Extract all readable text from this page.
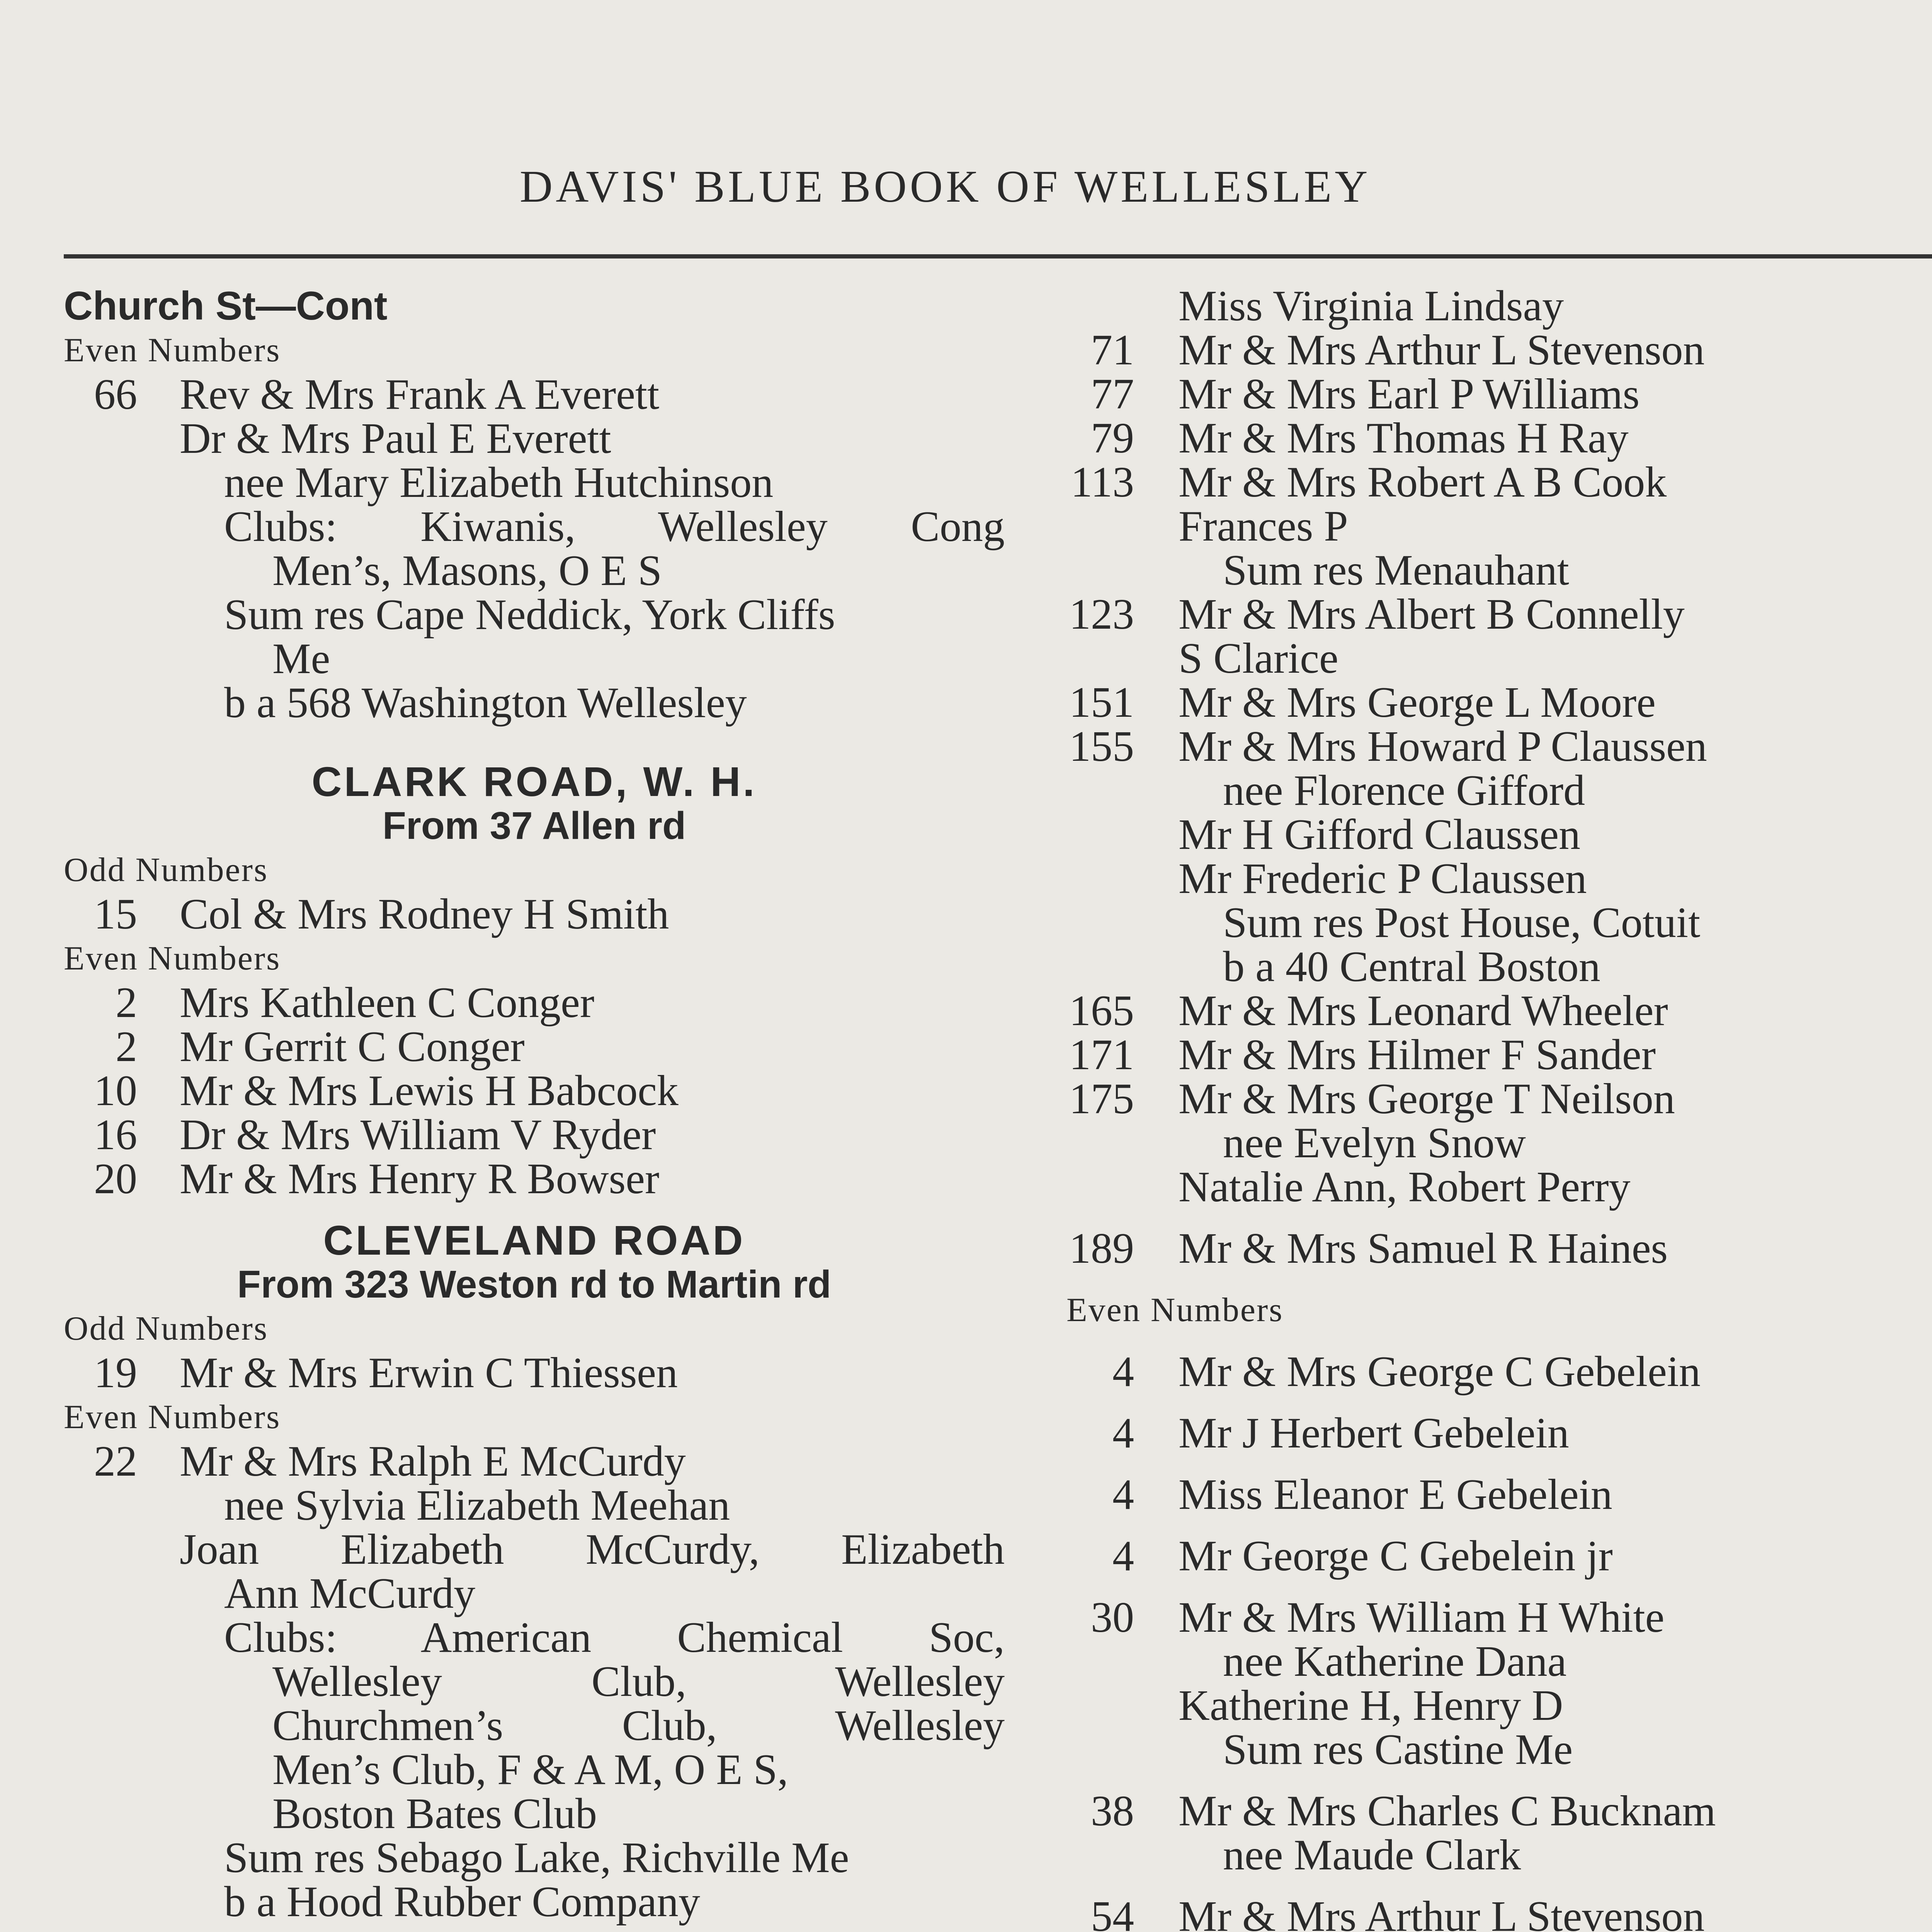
DAVIS' BLUE BOOK OF WELLESLEY
Church St—Cont
Even Numbers
66 Rev & Mrs Frank A Everett
Dr & Mrs Paul E Everett
nee Mary Elizabeth Hutchinson
Clubs: Kiwanis, Wellesley Cong
Men’s, Masons, O E S
Sum res Cape Neddick, York Cliffs
Me
b a 568 Washington Wellesley
CLARK ROAD, W. H.
From 37 Allen rd
Odd Numbers
15 Col & Mrs Rodney H Smith
Even Numbers
2 Mrs Kathleen C Conger
2 Mr Gerrit C Conger
10 Mr & Mrs Lewis H Babcock
16 Dr & Mrs William V Ryder
20 Mr & Mrs Henry R Bowser
CLEVELAND ROAD
From 323 Weston rd to Martin rd
Odd Numbers
19 Mr & Mrs Erwin C Thiessen
Even Numbers
22 Mr & Mrs Ralph E McCurdy
nee Sylvia Elizabeth Meehan
Joan Elizabeth McCurdy, Elizabeth
Ann McCurdy
Clubs: American Chemical Soc,
Wellesley Club, Wellesley
Churchmen’s Club, Wellesley
Men’s Club, F & A M, O E S,
Boston Bates Club
Sum res Sebago Lake, Richville Me
b a Hood Rubber Company
Miss Virginia Lindsay
71 Mr & Mrs Arthur L Stevenson
77 Mr & Mrs Earl P Williams
79 Mr & Mrs Thomas H Ray
113 Mr & Mrs Robert A B Cook
Frances P
Sum res Menauhant
123 Mr & Mrs Albert B Connelly
S Clarice
151 Mr & Mrs George L Moore
155 Mr & Mrs Howard P Claussen
nee Florence Gifford
Mr H Gifford Claussen
Mr Frederic P Claussen
Sum res Post House, Cotuit
b a 40 Central Boston
165 Mr & Mrs Leonard Wheeler
171 Mr & Mrs Hilmer F Sander
175 Mr & Mrs George T Neilson
nee Evelyn Snow
Natalie Ann, Robert Perry
189 Mr & Mrs Samuel R Haines
Even Numbers
4 Mr & Mrs George C Gebelein
4 Mr J Herbert Gebelein
4 Miss Eleanor E Gebelein
4 Mr George C Gebelein jr
30 Mr & Mrs William H White
nee Katherine Dana
Katherine H, Henry D
Sum res Castine Me
38 Mr & Mrs Charles C Bucknam
nee Maude Clark
54 Mr & Mrs Arthur L Stevenson
